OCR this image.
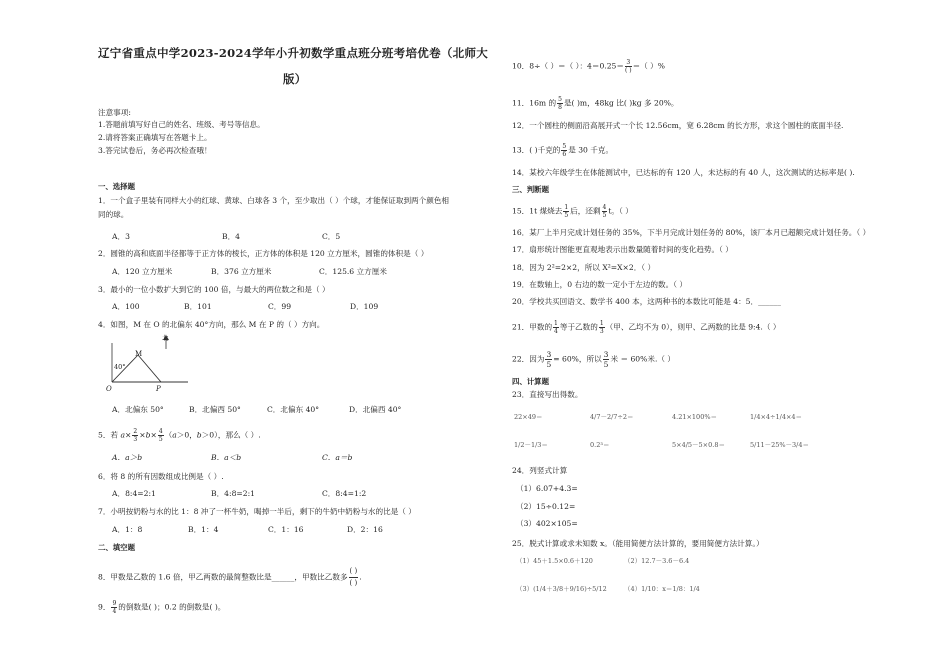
辽宁省重点中学2023-2024学年小升初数学重点班分班考培优卷（北师大
版）
注意事项:
1.答题前填写好自己的姓名、班级、考号等信息。
2.请将答案正确填写在答题卡上。
3.答完试卷后，务必再次检查哦！
一、选择题
1．一个盒子里装有同样大小的红球、黄球、白球各 3 个，至少取出（ ）个球，才能保证取到两个颜色相
同的球。
A．3	B．4	C．5
2．圆锥的高和底面半径都等于正方体的棱长，正方体的体积是 120 立方厘米，圆锥的体积是（ ）
A．120 立方厘米	B．376 立方厘米	C．125.6 立方厘米
3．最小的一位小数扩大到它的 100 倍，与最大的两位数之和是（ ）
A．100	B．101	C．99	D．109
4．如图，M 在 O 的北偏东 40°方向，那么 M 在 P 的（ ）方向。
北
M
40°
O	P
A．北偏东 50°	B．北偏西 50°	C．北偏东 40°	D．北偏西 40°
5．若 $a\times \frac{2}{3} \times b\times \frac{4}{5} (a>0$，b＞0），那么（ ）.
A．a＞b	B．a＜b	C．a＝b
6．将 8 的所有因数组成比例是（ ）.
A．8:4=2:1	B．4:8=2:1	C．8:4=1:2
7．小明按奶粉与水的比 1：8 冲了一杯牛奶，喝掉一半后，剩下的牛奶中奶粉与水的比是（ ）
A．1：8	B．1：4	C．1：16	D．2：16
二、填空题
8．甲数是乙数的 1.6 倍，甲乙两数的最简整数比是______，甲数比乙数多 $\frac{( )}{( )}$ .
9． $\frac{9}{4}$ 的倒数是( )；0.2 的倒数是( )。
10．8÷（ ）＝（ ）：$4=0.25= \frac{3}{( )}$ ＝（ ）%
11．16m 的 $\frac{5}{8}$ 是( )m，48kg 比( )kg 多 20%。
12．一个圆柱的侧面沿高展开式一个长 12.56cm，宽 6.28cm 的长方形，求这个圆柱的底面半径.
13．( )千克的 $\frac{5}{6}$ 是 30 千克。
14．某校六年级学生在体能测试中，已达标的有 120 人，未达标的有 40 人，这次测试的达标率是( ).
三、判断题
15．1t 煤烧去 $\frac{1}{5}$ 后，还剩 $\frac{4}{5}$ t。（ ）
16．某厂上半月完成计划任务的 35%，下半月完成计划任务的 80%，该厂本月已超额完成计划任务。（ ）
17．扇形统计图能更直观地表示出数量随着时间的变化趋势。（ ）
18．因为 2²=2×2，所以 X²=X×2．（ ）
19．在数轴上，0 右边的数一定小于左边的数。（ ）
20．学校共买回语文、数学书 400 本，这两种书的本数比可能是 4：5．______
21．甲数的 $\frac{1}{4}$ 等于乙数的 $\frac{1}{3}$ （甲、乙均不为 0），则甲、乙两数的比是 9:4.（ ）
22．因为 $\frac{3}{5} = 60\%$，所以 $\frac{3}{5}$ 米 ＝ 60%米.（ ）
四、计算题
23．直接写出得数。
22×49＝	4/7－2/7÷2＝	4.21×100%＝	1/4×4÷1/4×4＝
1/2－1/3＝	0.2³＝	5×4/5－5×0.8＝	5/11－25%－3/4＝
24．列竖式计算
（1）6.07+4.3=
（2）15÷0.12=
（3）402×105=
25．脱式计算或求未知数 x。（能用简便方法计算的，要用简便方法计算。）
（1）45＋1.5×0.6＋120	（2）12.7－3.6－6.4
（3）(1/4＋3/8＋9/16)÷5/12	（4）1/10：x＝1/8：1/4
